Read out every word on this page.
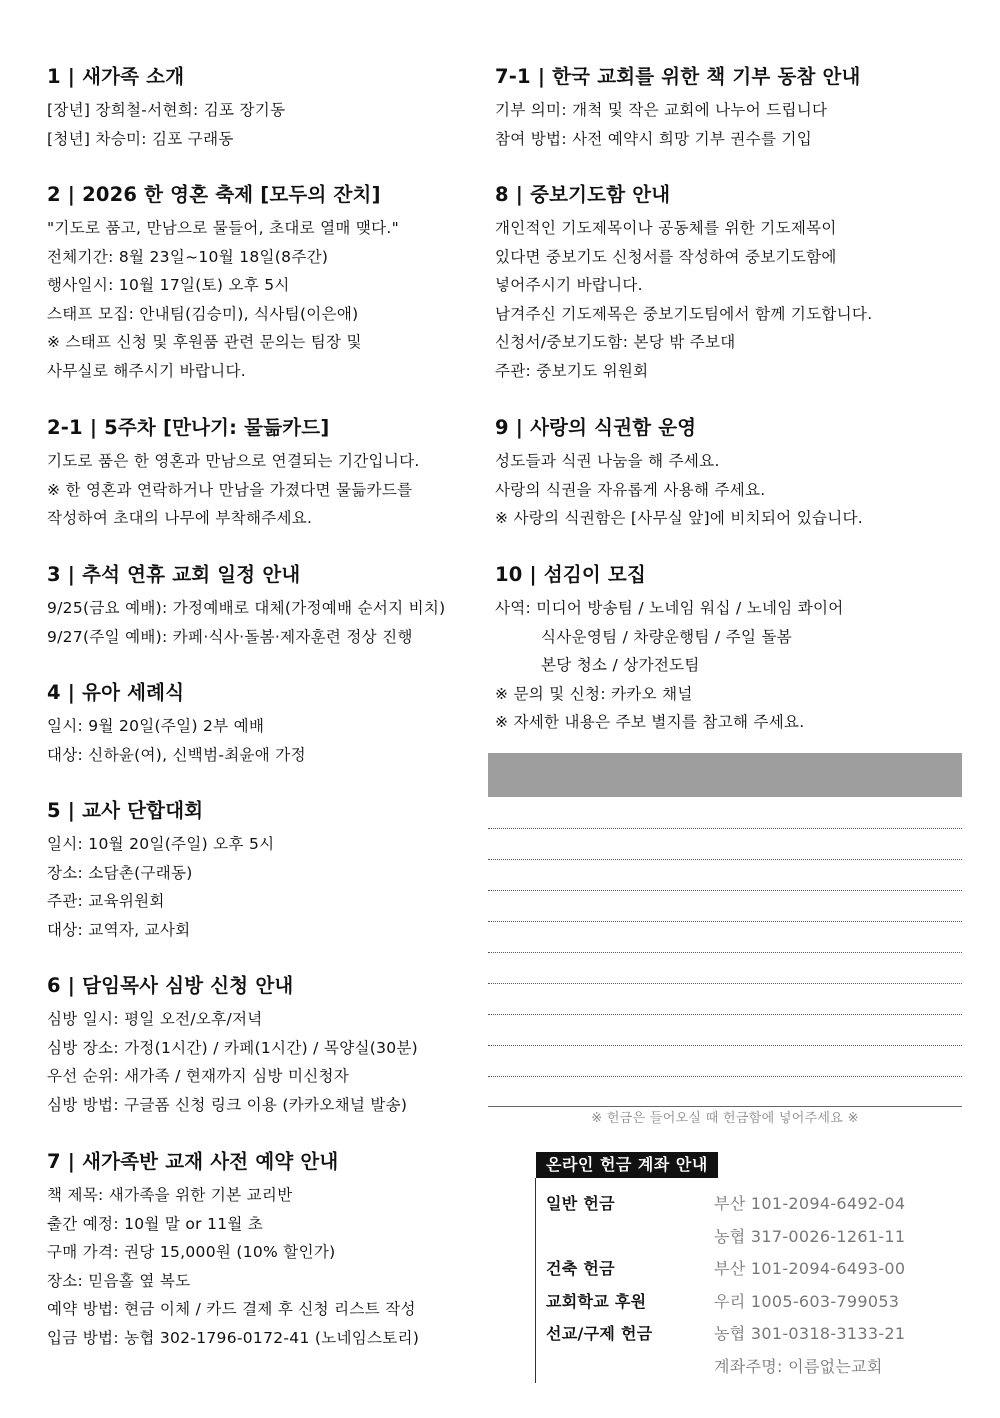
1 | 새가족 소개
[장년] 장희철-서현희: 김포 장기동
[청년] 차승미: 김포 구래동
2 | 2026 한 영혼 축제 [모두의 잔치]
"기도로 품고, 만남으로 물들어, 초대로 열매 맺다."
전체기간: 8월 23일~10월 18일(8주간)
행사일시: 10월 17일(토) 오후 5시
스태프 모집: 안내팀(김승미), 식사팀(이은애)
※ 스태프 신청 및 후원품 관련 문의는 팀장 및
사무실로 해주시기 바랍니다.
2-1 | 5주차 [만나기: 물듦카드]
기도로 품은 한 영혼과 만남으로 연결되는 기간입니다.
※ 한 영혼과 연락하거나 만남을 가졌다면 물듦카드를
작성하여 초대의 나무에 부착해주세요.
3 | 추석 연휴 교회 일정 안내
9/25(금요 예배): 가정예배로 대체(가정예배 순서지 비치)
9/27(주일 예배): 카페·식사·돌봄·제자훈련 정상 진행
4 | 유아 세례식
일시: 9월 20일(주일) 2부 예배
대상: 신하윤(여), 신백범-최윤애 가정
5 | 교사 단합대회
일시: 10월 20일(주일) 오후 5시
장소: 소담촌(구래동)
주관: 교육위원회
대상: 교역자, 교사회
6 | 담임목사 심방 신청 안내
심방 일시: 평일 오전/오후/저녁
심방 장소: 가정(1시간) / 카페(1시간) / 목양실(30분)
우선 순위: 새가족 / 현재까지 심방 미신청자
심방 방법: 구글폼 신청 링크 이용 (카카오채널 발송)
7 | 새가족반 교재 사전 예약 안내
책 제목: 새가족을 위한 기본 교리반
출간 예정: 10월 말 or 11월 초
구매 가격: 권당 15,000원 (10% 할인가)
장소: 믿음홀 옆 복도
예약 방법: 현금 이체 / 카드 결제 후 신청 리스트 작성
입금 방법: 농협 302-1796-0172-41 (노네임스토리)
7-1 | 한국 교회를 위한 책 기부 동참 안내
기부 의미: 개척 및 작은 교회에 나누어 드립니다
참여 방법: 사전 예약시 희망 기부 권수를 기입
8 | 중보기도함 안내
개인적인 기도제목이나 공동체를 위한 기도제목이
있다면 중보기도 신청서를 작성하여 중보기도함에
넣어주시기 바랍니다.
남겨주신 기도제목은 중보기도팀에서 함께 기도합니다.
신청서/중보기도함: 본당 밖 주보대
주관: 중보기도 위원회
9 | 사랑의 식권함 운영
성도들과 식권 나눔을 해 주세요.
사랑의 식권을 자유롭게 사용해 주세요.
※ 사랑의 식권함은 [사무실 앞]에 비치되어 있습니다.
10 | 섬김이 모집
사역: 미디어 방송팀 / 노네임 워십 / 노네임 콰이어
식사운영팀 / 차량운행팀 / 주일 돌봄
본당 청소 / 상가전도팀
※ 문의 및 신청: 카카오 채널
※ 자세한 내용은 주보 별지를 참고해 주세요.
※ 헌금은 들어오실 때 헌금함에 넣어주세요 ※
온라인 헌금 계좌 안내
일반 헌금	부산 101-2094-6492-04
농협 317-0026-1261-11
건축 헌금	부산 101-2094-6493-00
교회학교 후원	우리 1005-603-799053
선교/구제 헌금	농협 301-0318-3133-21
계좌주명: 이름없는교회
